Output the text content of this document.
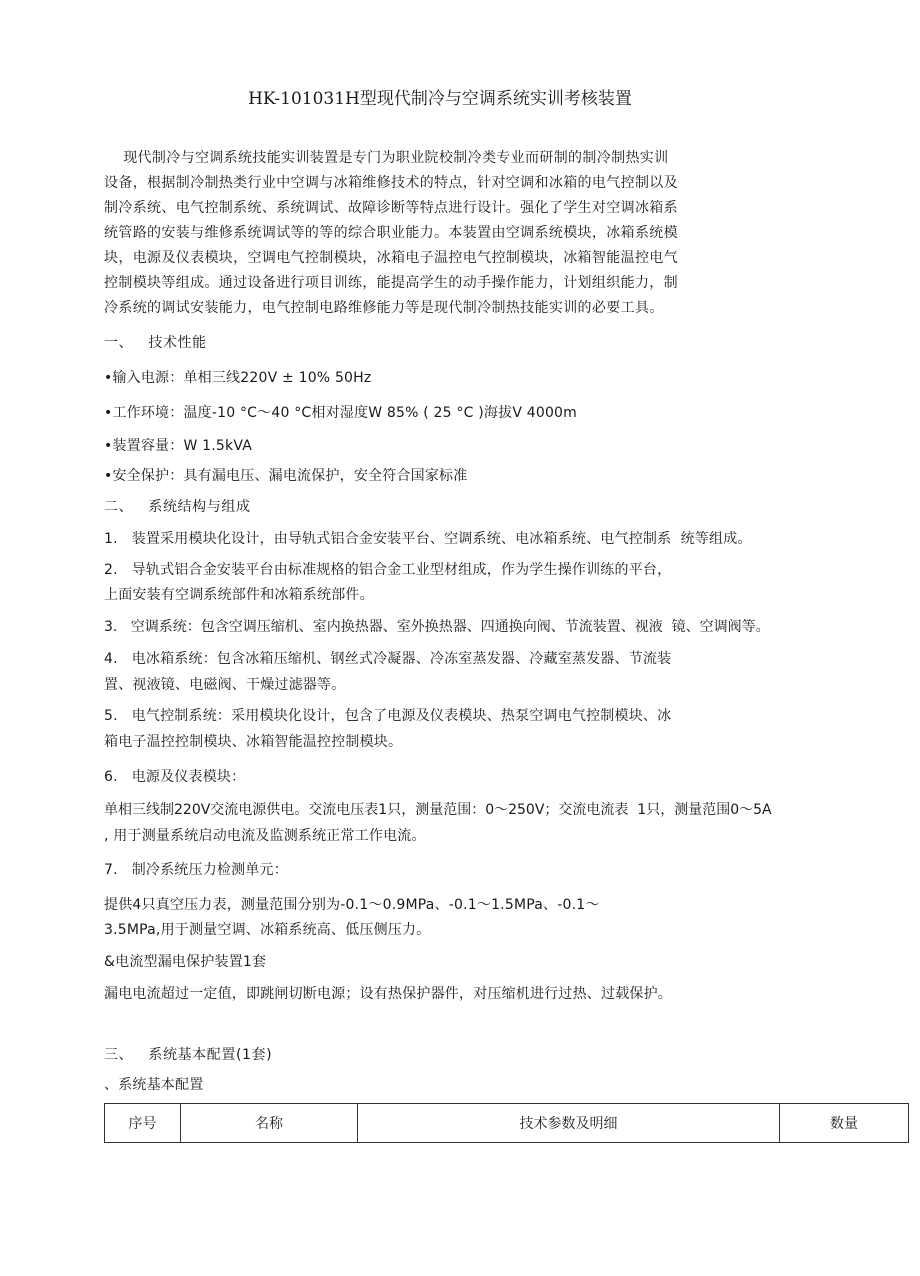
HK-101031H型现代制冷与空调系统实训考核装置

现代制冷与空调系统技能实训装置是专门为职业院校制冷类专业而研制的制冷制热实训

设备，根据制冷制热类行业中空调与冰箱维修技术的特点，针对空调和冰箱的电气控制以及

制冷系统、电气控制系统、系统调试、故障诊断等特点进行设计。强化了学生对空调冰箱系

统管路的安装与维修系统调试等的等的综合职业能力。本装置由空调系统模块，冰箱系统模

块，电源及仪表模块，空调电气控制模块，冰箱电子温控电气控制模块，冰箱智能温控电气

控制模块等组成。通过设备进行项目训练，能提高学生的动手操作能力，计划组织能力，制

冷系统的调试安装能力，电气控制电路维修能力等是现代制冷制热技能实训的必要工具。

一、   技术性能
•输入电源：单相三线220V ± 10% 50Hz
•工作环境：温度-10 °C～40 °C相对湿度W 85% ( 25 °C )海拔V 4000m
•装置容量：W 1.5kVA
•安全保护：具有漏电压、漏电流保护，安全符合国家标准
二、   系统结构与组成
1.   装置采用模块化设计，由导轨式铝合金安装平台、空调系统、电冰箱系统、电气控制系  统等组成。
2.   导轨式铝合金安装平台由标准规格的铝合金工业型材组成，作为学生操作训练的平台，
上面安装有空调系统部件和冰箱系统部件。
3.   空调系统：包含空调压缩机、室内换热器、室外换热器、四通换向阀、节流装置、视液  镜、空调阀等。
4.   电冰箱系统：包含冰箱压缩机、钢丝式冷凝器、冷冻室蒸发器、冷藏室蒸发器、节流装
置、视液镜、电磁阀、干燥过滤器等。
5.   电气控制系统：采用模块化设计，包含了电源及仪表模块、热泵空调电气控制模块、冰
箱电子温控控制模块、冰箱智能温控控制模块。
6.   电源及仪表模块：
单相三线制220V交流电源供电。交流电压表1只，测量范围：0～250V；交流电流表  1只，测量范围0～5A
, 用于测量系统启动电流及监测系统正常工作电流。
7.   制冷系统压力检测单元：
提供4只真空压力表，测量范围分别为-0.1～0.9MPa、-0.1～1.5MPa、-0.1～
3.5MPa,用于测量空调、冰箱系统高、低压侧压力。
&电流型漏电保护装置1套
漏电电流超过一定值，即跳闸切断电源；设有热保护器件，对压缩机进行过热、过载保护。
三、   系统基本配置(1套)
、系统基本配置
序号	名称	技术参数及明细	数量
